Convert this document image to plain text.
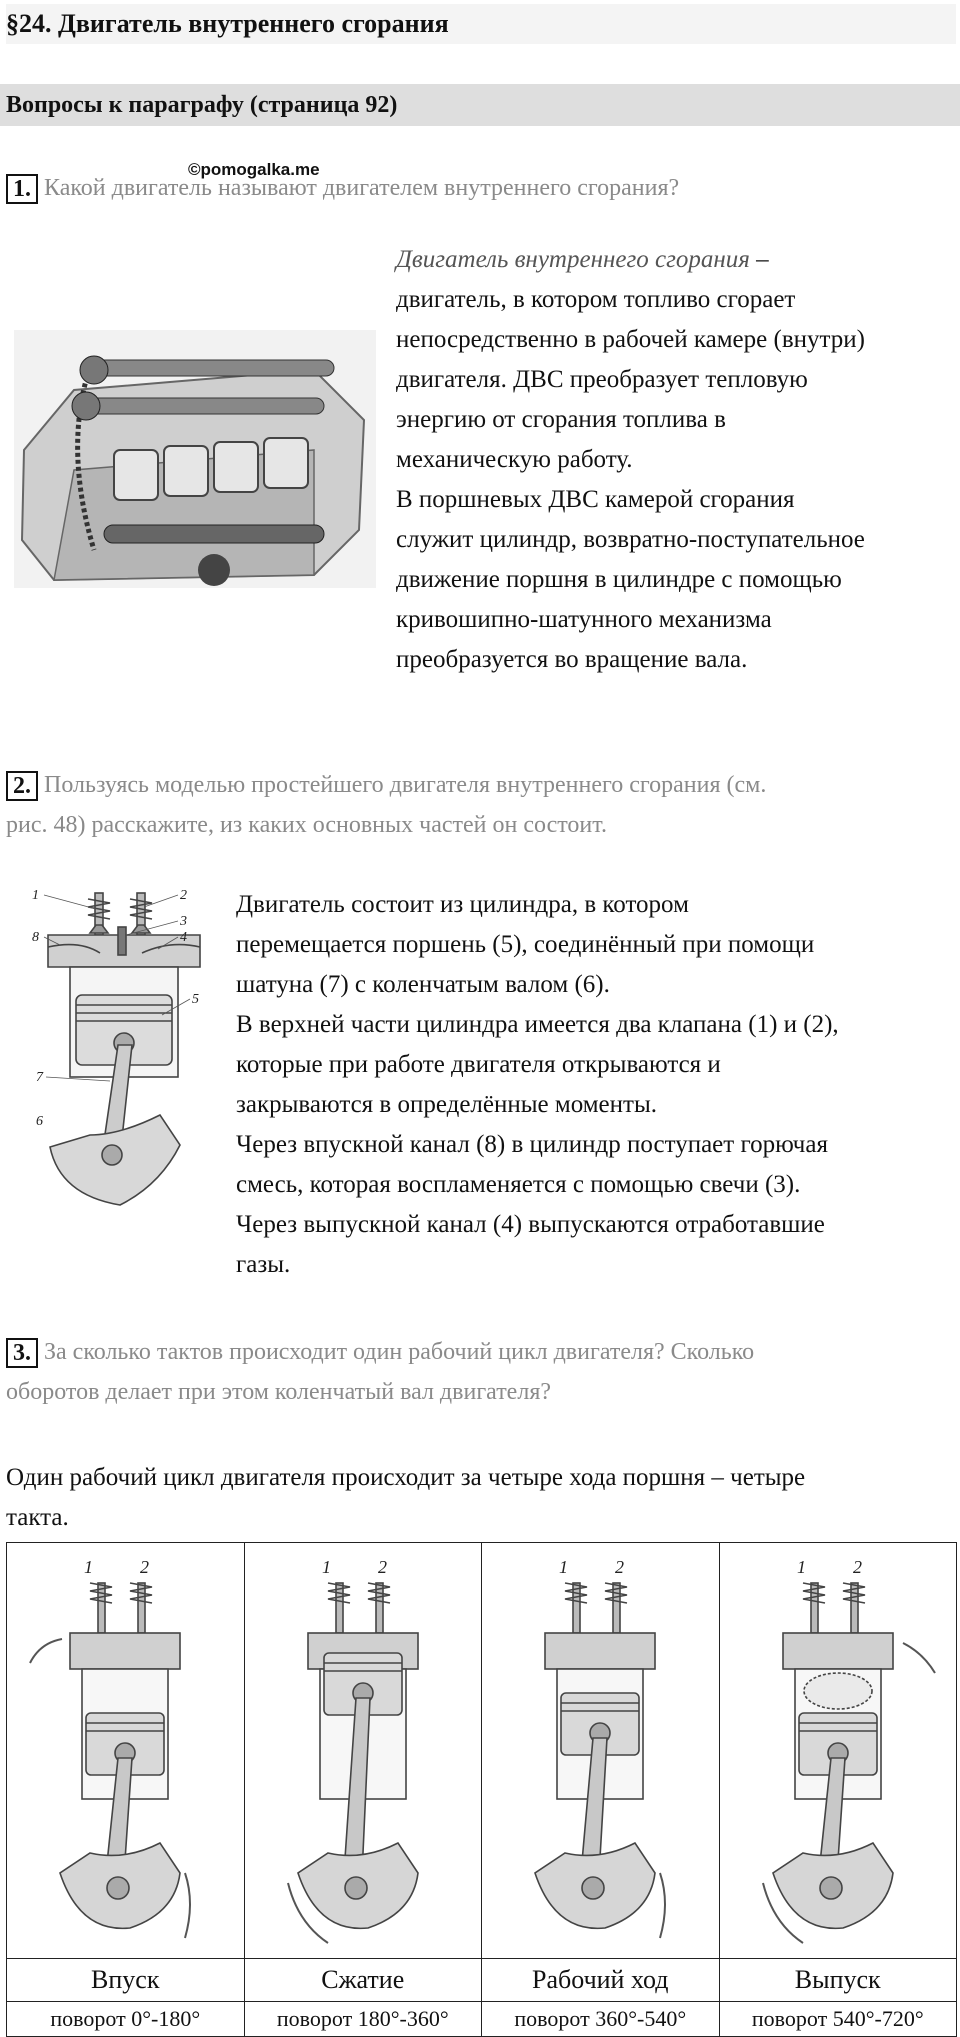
§24. Двигатель внутреннего сгорания
Вопросы к параграфу (страница 92)
©pomogalka.me
1. Какой двигатель называют двигателем внутреннего сгорания?

Двигатель внутреннего сгорания –

двигатель, в котором топливо сгорает

непосредственно в рабочей камере (внутри)

двигателя. ДВС преобразует тепловую

энергию от сгорания топлива в

механическую работу.

В поршневых ДВС камерой сгорания

служит цилиндр, возвратно-поступательное

движение поршня в цилиндре с помощью

кривошипно-шатунного механизма

преобразуется во вращение вала.

2. Пользуясь моделью простейшего двигателя внутреннего сгорания (см.
рис. 48) расскажите, из каких основных частей он состоит.
1	2
3
4
5
6
7
8

Двигатель состоит из цилиндра, в котором

перемещается поршень (5), соединённый при помощи

шатуна (7) с коленчатым валом (6).

В верхней части цилиндра имеется два клапана (1) и (2),

которые при работе двигателя открываются и

закрываются в определённые моменты.

Через впускной канал (8) в цилиндр поступает горючая

смесь, которая воспламеняется с помощью свечи (3).

Через выпускной канал (4) выпускаются отработавшие

газы.

3. За сколько тактов происходит один рабочий цикл двигателя? Сколько
оборотов делает при этом коленчатый вал двигателя?

Один рабочий цикл двигателя происходит за четыре хода поршня – четыре

такта.

1 2	1 2	1 2	1 2

Впуск	Сжатие	Рабочий ход	Выпуск
поворот 0°-180°	поворот 180°-360°	поворот 360°-540°	поворот 540°-720°
